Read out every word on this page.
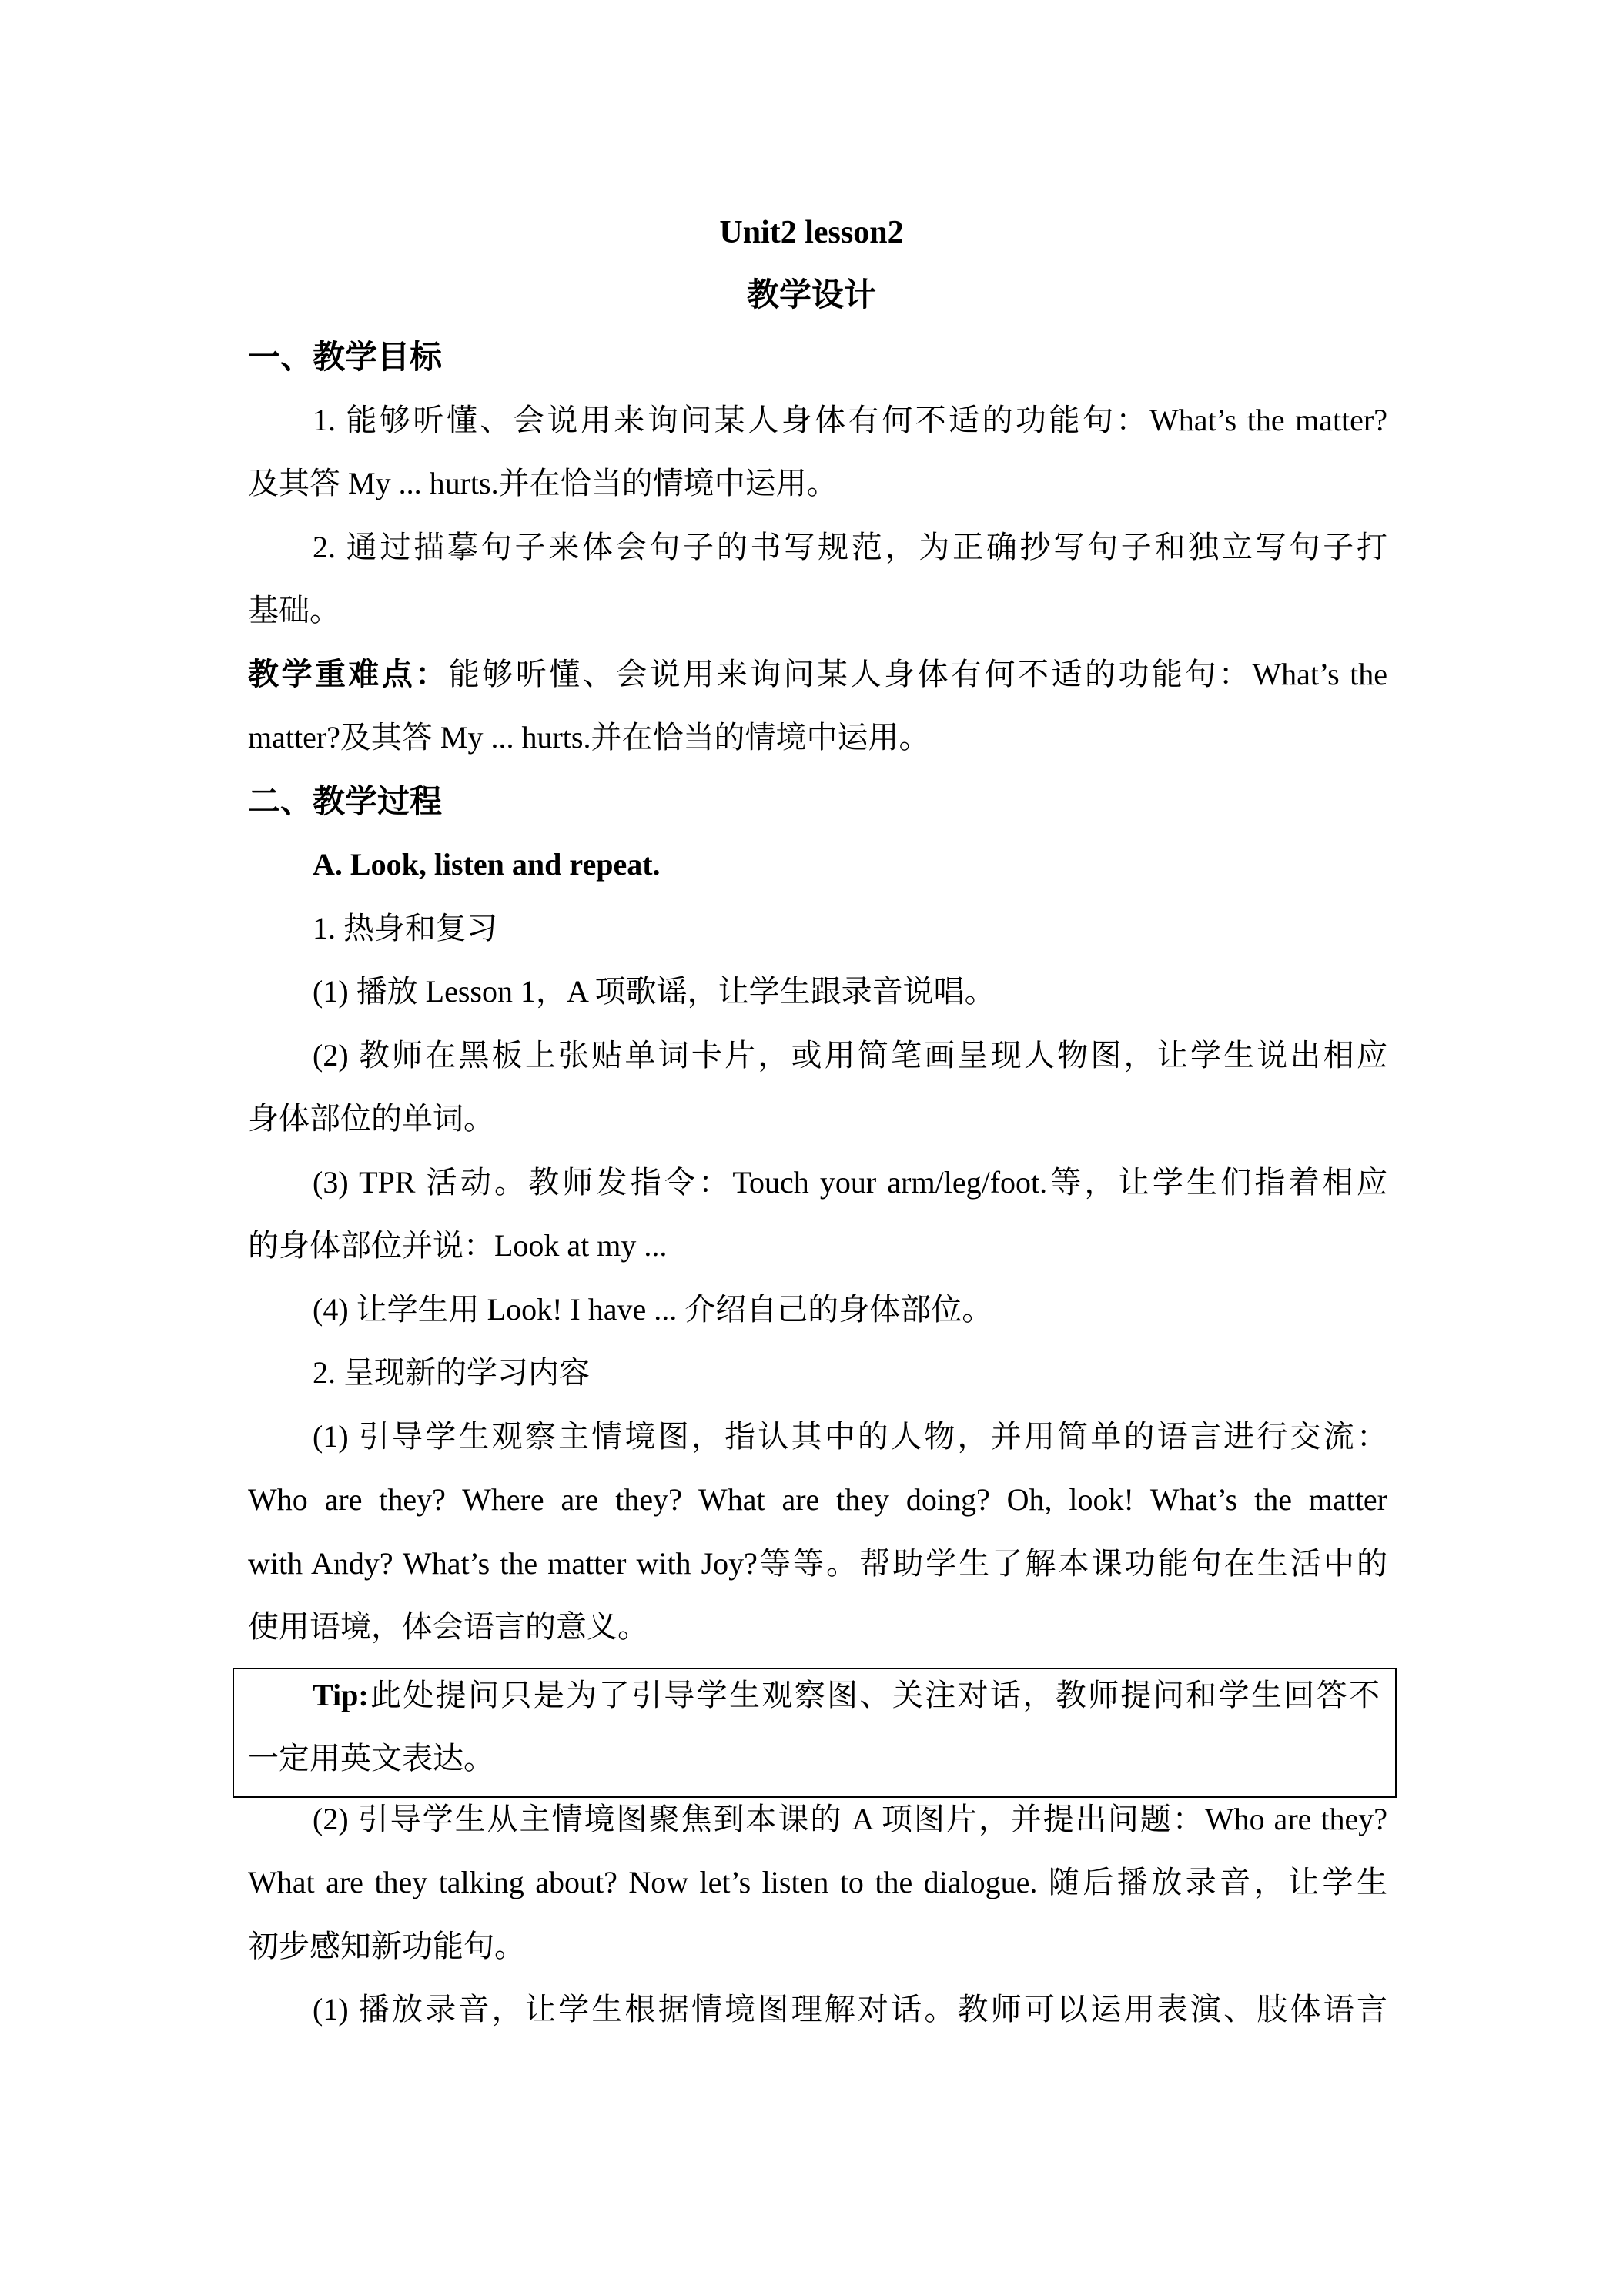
Unit2 lesson2
教学设计
一、教学目标
1. 能够听懂、会说用来询问某人身体有何不适的功能句：What’s the matter?
及其答 My ... hurts.并在恰当的情境中运用。
2. 通过描摹句子来体会句子的书写规范，为正确抄写句子和独立写句子打
基础。
教学重难点：能够听懂、会说用来询问某人身体有何不适的功能句：What’s the
matter?及其答 My ... hurts.并在恰当的情境中运用。
二、教学过程
A. Look, listen and repeat.
1. 热身和复习
(1) 播放 Lesson 1，A 项歌谣，让学生跟录音说唱。
(2) 教师在黑板上张贴单词卡片，或用简笔画呈现人物图，让学生说出相应
身体部位的单词。
(3) TPR 活动。教师发指令：Touch your arm/leg/foot.等，让学生们指着相应
的身体部位并说：Look at my ...
(4) 让学生用 Look! I have ... 介绍自己的身体部位。
2. 呈现新的学习内容
(1) 引导学生观察主情境图，指认其中的人物，并用简单的语言进行交流：
Who are they? Where are they? What are they doing? Oh, look! What’s the matter
with Andy? What’s the matter with Joy?等等。帮助学生了解本课功能句在生活中的
使用语境，体会语言的意义。
Tip:此处提问只是为了引导学生观察图、关注对话，教师提问和学生回答不
一定用英文表达。
(2) 引导学生从主情境图聚焦到本课的 A 项图片，并提出问题：Who are they?
What are they talking about? Now let’s listen to the dialogue. 随后播放录音，让学生
初步感知新功能句。
(1) 播放录音，让学生根据情境图理解对话。教师可以运用表演、肢体语言
